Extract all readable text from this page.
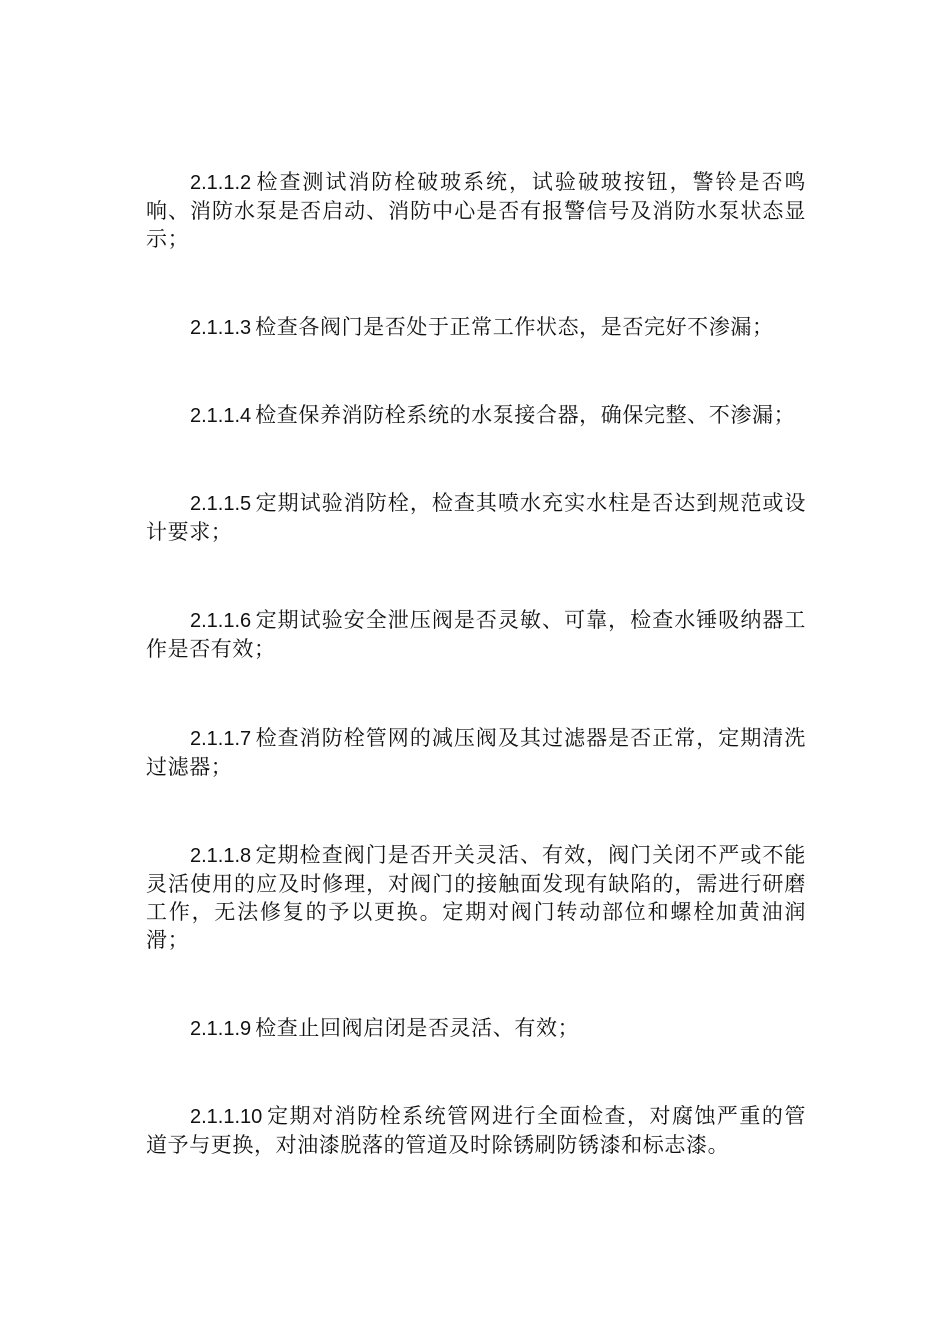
2.1.1.2 检查测试消防栓破玻系统，试验破玻按钮，警铃是否鸣响、消防水泵是否启动、消防中心是否有报警信号及消防水泵状态显示；

2.1.1.3 检查各阀门是否处于正常工作状态，是否完好不渗漏；

2.1.1.4 检查保养消防栓系统的水泵接合器，确保完整、不渗漏；

2.1.1.5 定期试验消防栓，检查其喷水充实水柱是否达到规范或设计要求；

2.1.1.6 定期试验安全泄压阀是否灵敏、可靠，检查水锤吸纳器工作是否有效；

2.1.1.7 检查消防栓管网的减压阀及其过滤器是否正常，定期清洗过滤器；

2.1.1.8 定期检查阀门是否开关灵活、有效，阀门关闭不严或不能灵活使用的应及时修理，对阀门的接触面发现有缺陷的，需进行研磨工作，无法修复的予以更换。定期对阀门转动部位和螺栓加黄油润滑；

2.1.1.9 检查止回阀启闭是否灵活、有效；

2.1.1.10 定期对消防栓系统管网进行全面检查，对腐蚀严重的管道予与更换，对油漆脱落的管道及时除锈刷防锈漆和标志漆。
